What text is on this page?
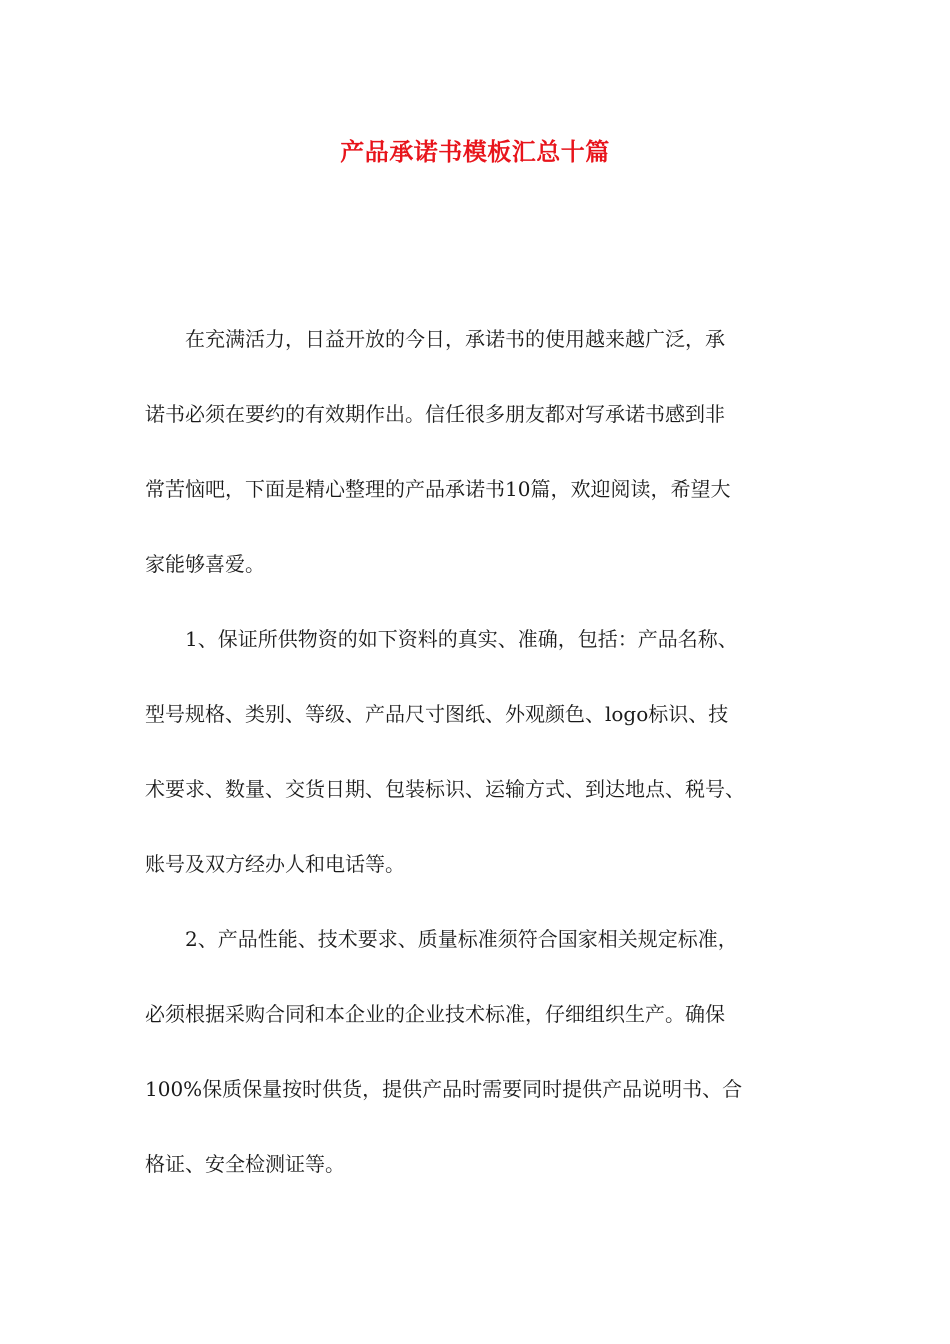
产品承诺书模板汇总十篇
在充满活力，日益开放的今日，承诺书的使用越来越广泛，承
诺书必须在要约的有效期作出。信任很多朋友都对写承诺书感到非
常苦恼吧，下面是精心整理的产品承诺书10篇，欢迎阅读，希望大
家能够喜爱。
1、保证所供物资的如下资料的真实、准确，包括：产品名称、
型号规格、类别、等级、产品尺寸图纸、外观颜色、logo标识、技
术要求、数量、交货日期、包装标识、运输方式、到达地点、税号、
账号及双方经办人和电话等。
2、产品性能、技术要求、质量标准须符合国家相关规定标准，
必须根据采购合同和本企业的企业技术标准，仔细组织生产。确保
100%保质保量按时供货，提供产品时需要同时提供产品说明书、合
格证、安全检测证等。
